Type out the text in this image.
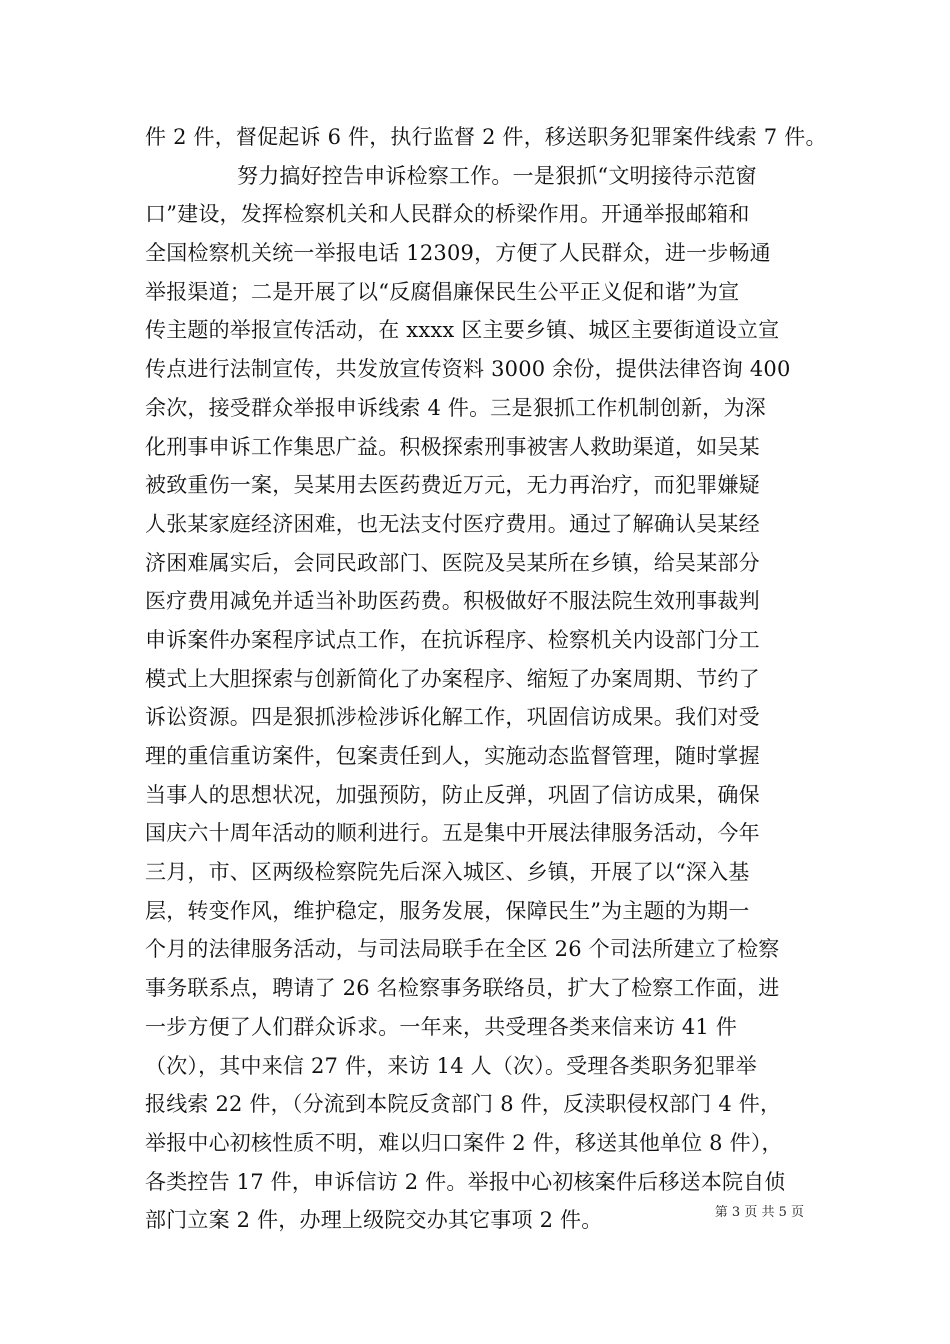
件 2 件，督促起诉 6 件，执行监督 2 件，移送职务犯罪案件线索 7 件。
努力搞好控告申诉检察工作。一是狠抓“文明接待示范窗
口”建设，发挥检察机关和人民群众的桥梁作用。开通举报邮箱和
全国检察机关统一举报电话 12309，方便了人民群众，进一步畅通
举报渠道；二是开展了以“反腐倡廉保民生公平正义促和谐”为宣
传主题的举报宣传活动，在 xxxx 区主要乡镇、城区主要街道设立宣
传点进行法制宣传，共发放宣传资料 3000 余份，提供法律咨询 400
余次，接受群众举报申诉线索 4 件。三是狠抓工作机制创新，为深
化刑事申诉工作集思广益。积极探索刑事被害人救助渠道，如吴某
被致重伤一案，吴某用去医药费近万元，无力再治疗，而犯罪嫌疑
人张某家庭经济困难，也无法支付医疗费用。通过了解确认吴某经
济困难属实后，会同民政部门、医院及吴某所在乡镇，给吴某部分
医疗费用减免并适当补助医药费。积极做好不服法院生效刑事裁判
申诉案件办案程序试点工作，在抗诉程序、检察机关内设部门分工
模式上大胆探索与创新简化了办案程序、缩短了办案周期、节约了
诉讼资源。四是狠抓涉检涉诉化解工作，巩固信访成果。我们对受
理的重信重访案件，包案责任到人，实施动态监督管理，随时掌握
当事人的思想状况，加强预防，防止反弹，巩固了信访成果，确保
国庆六十周年活动的顺利进行。五是集中开展法律服务活动，今年
三月，市、区两级检察院先后深入城区、乡镇，开展了以“深入基
层，转变作风，维护稳定，服务发展，保障民生”为主题的为期一
个月的法律服务活动，与司法局联手在全区 26 个司法所建立了检察
事务联系点，聘请了 26 名检察事务联络员，扩大了检察工作面，进
一步方便了人们群众诉求。一年来，共受理各类来信来访 41 件
（次），其中来信 27 件，来访 14 人（次）。受理各类职务犯罪举
报线索 22 件，（分流到本院反贪部门 8 件，反渎职侵权部门 4 件，
举报中心初核性质不明，难以归口案件 2 件，移送其他单位 8 件），
各类控告 17 件，申诉信访 2 件。举报中心初核案件后移送本院自侦
部门立案 2 件，办理上级院交办其它事项 2 件。	第 3 页 共 5 页
